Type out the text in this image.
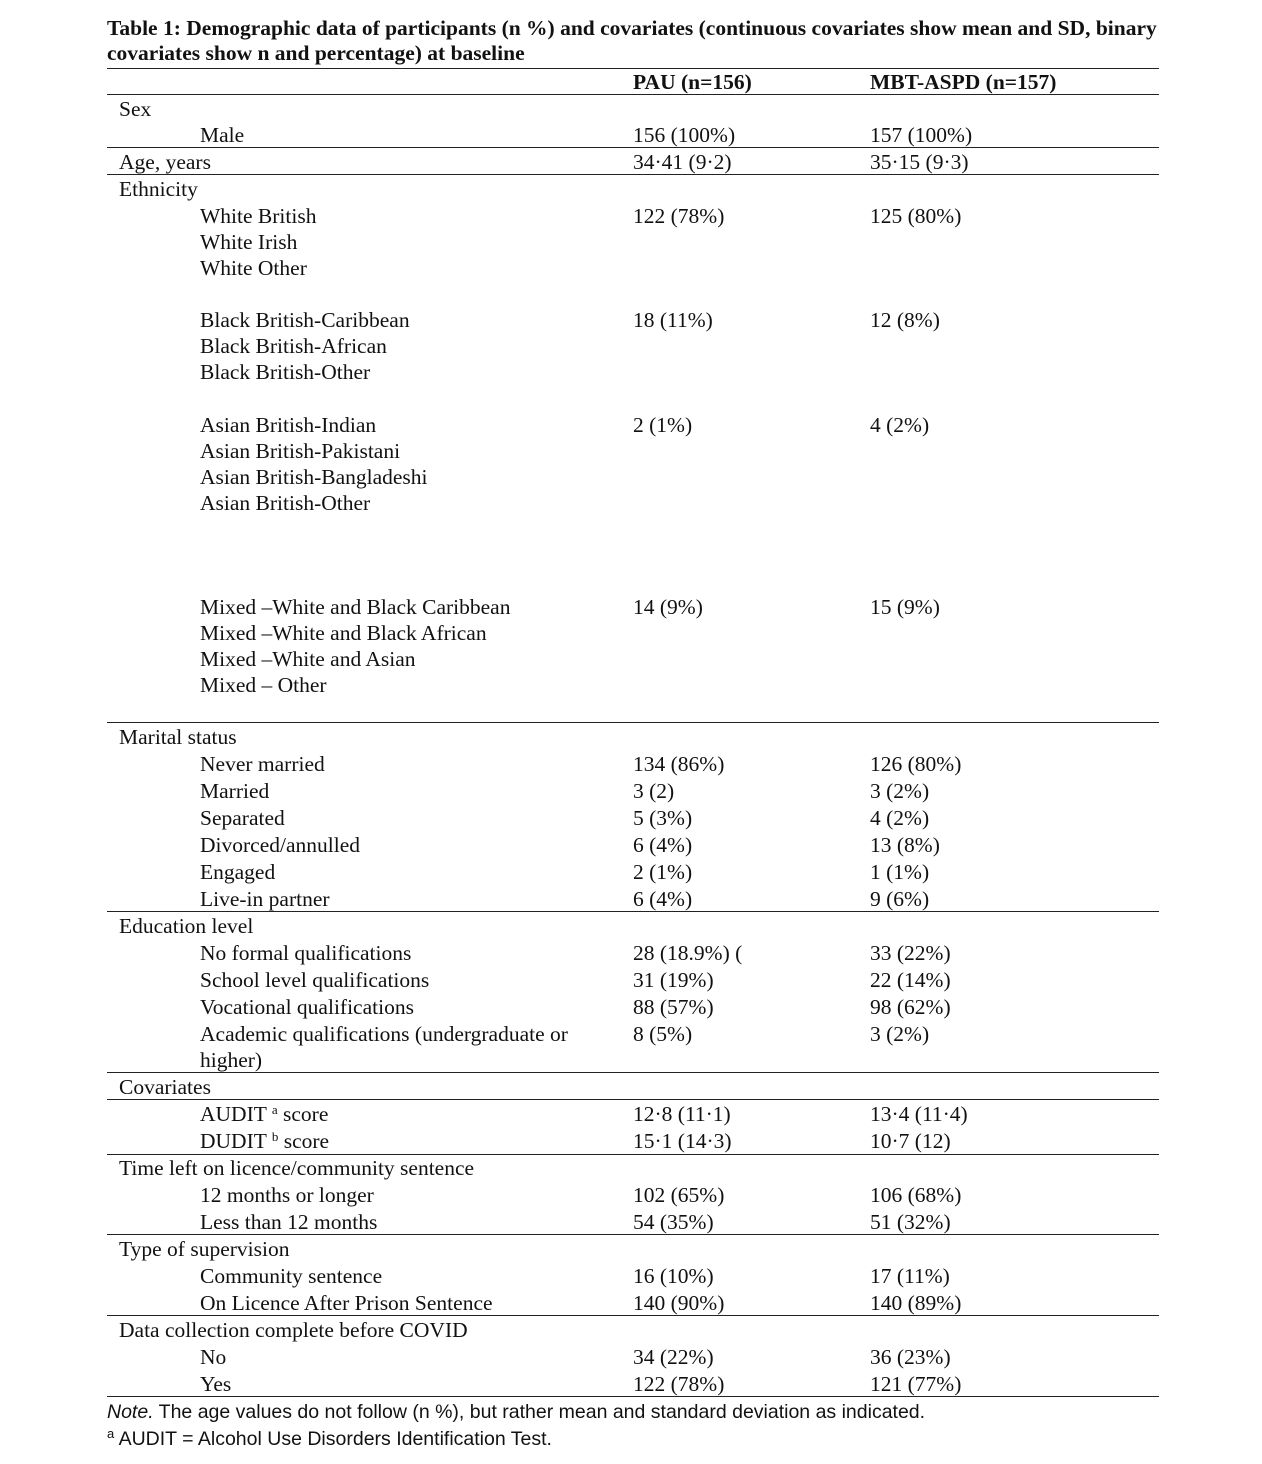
Table 1: Demographic data of participants (n %) and covariates (continuous covariates show mean and SD, binary covariates show n and percentage) at baseline
PAU (n=156)	MBT-ASPD (n=157)
Sex
Male	156 (100%)	157 (100%)
Age, years	34·41 (9·2)	35·15 (9·3)
Ethnicity
White British	122 (78%)	125 (80%)
White Irish
White Other
Black British-Caribbean	18 (11%)	12 (8%)
Black British-African
Black British-Other
Asian British-Indian	2 (1%)	4 (2%)
Asian British-Pakistani
Asian British-Bangladeshi
Asian British-Other
Mixed –White and Black Caribbean	14 (9%)	15 (9%)
Mixed –White and Black African
Mixed –White and Asian
Mixed – Other
Marital status
Never married	134 (86%)	126 (80%)
Married	3 (2)	3 (2%)
Separated	5 (3%)	4 (2%)
Divorced/annulled	6 (4%)	13 (8%)
Engaged	2 (1%)	1 (1%)
Live-in partner	6 (4%)	9 (6%)
Education level
No formal qualifications	28 (18.9%) (	33 (22%)
School level qualifications	31 (19%)	22 (14%)
Vocational qualifications	88 (57%)	98 (62%)
Academic qualifications (undergraduate or	8 (5%)	3 (2%)
higher)
Covariates
AUDIT $^a$ score	12·8 (11·1)	13·4 (11·4)
DUDIT $^b$ score	15·1 (14·3)	10·7 (12)
Time left on licence/community sentence
12 months or longer	102 (65%)	106 (68%)
Less than 12 months	54 (35%)	51 (32%)
Type of supervision
Community sentence	16 (10%)	17 (11%)
On Licence After Prison Sentence	140 (90%)	140 (89%)
Data collection complete before COVID
No	34 (22%)	36 (23%)
Yes	122 (78%)	121 (77%)
Note. The age values do not follow (n %), but rather mean and standard deviation as indicated.
$^a$ AUDIT = Alcohol Use Disorders Identification Test.
